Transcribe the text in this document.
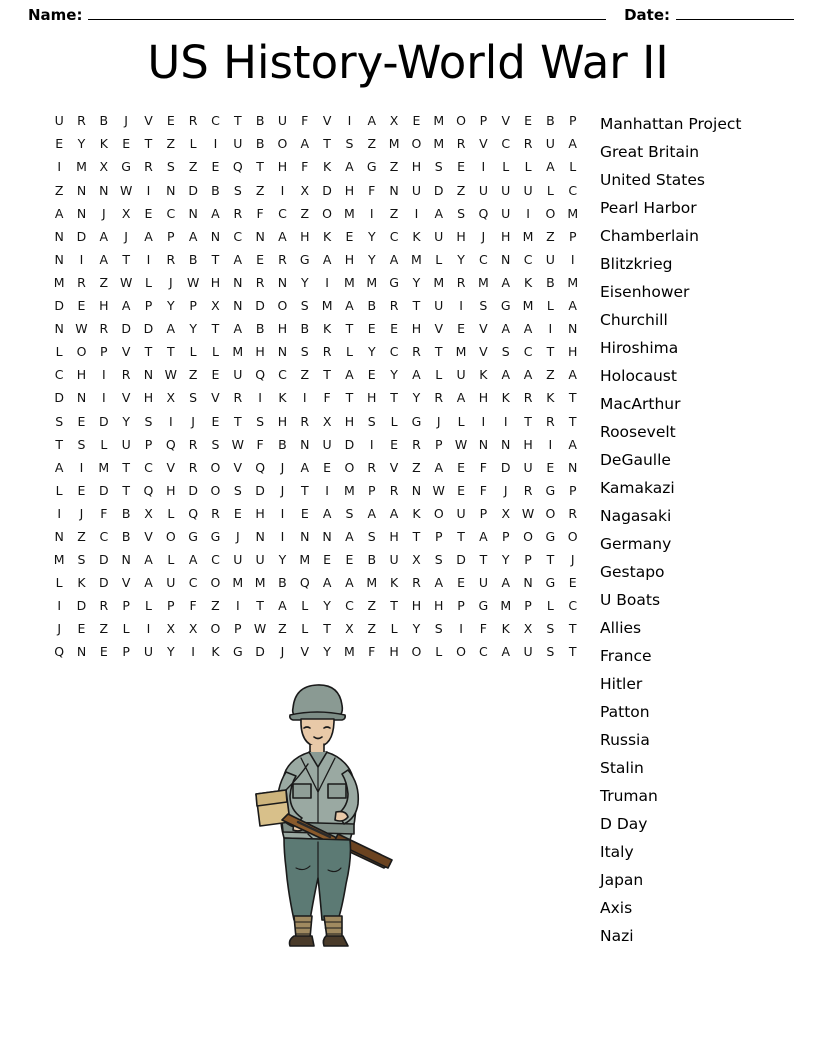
Name:	Date:
US History-World War II
U	R	B	J	V	E	R	C	T	B	U	F	V	I	A	X	E	M O	P	V	E	B	P
E	Y	K	E	T	Z	L	I	U	B	O	A	T	S	Z	M O M	R	V	C	R	U	A
I	M	X	G	R	S	Z	E	Q	T	H	F	K	A	G	Z	H	S	E	I	L	L	A	L
Z	N	N W	I	N	D	B	S	Z	I	X	D	H	F	N	U	D	Z	U	U	U	L	C
A	N	J	X	E	C	N	A	R	F	C	Z	O M	I	Z	I	A	S	Q	U	I	O M
N	D	A	J	A	P	A	N	C	N	A	H	K	E	Y	C	K	U	H	J	H M	Z	P
N	I	A	T	I	R	B	T	A	E	R	G	A	H	Y	A	M	L	Y	C	N	C	U	I
M	R	Z W	L	J	W H	N	R	N	Y	I	M M G	Y	M	R	M	A	K	B	M
D	E	H	A	P	Y	P	X	N	D	O	S	M	A	B	R	T	U	I	S	G M	L	A
N W R	D	D	A	Y	T	A	B	H	B	K	T	E	E	H	V	E	V	A	A	I	N
L	O	P	V	T	T	L	L	M H	N	S	R	L	Y	C	R	T	M	V	S	C	T	H
C	H	I	R	N W Z	E	U	Q	C	Z	T	A	E	Y	A	L	U	K	A	A	Z	A
D	N	I	V	H	X	S	V	R	I	K	I	F	T	H	T	Y	R	A	H	K	R	K	T
S	E	D	Y	S	I	J	E	T	S	H	R	X	H	S	L	G	J	L	I	I	T	R	T
T	S	L	U	P	Q	R	S W	F	B	N	U	D	I	E	R	P W N	N	H	I	A
A	I	M	T	C	V	R	O	V	Q	J	A	E	O	R	V	Z	A	E	F	D	U	E	N
L	E	D	T	Q	H	D	O	S	D	J	T	I	M	P	R	N W E	F	J	R	G	P
I	J	F	B	X	L	Q	R	E	H	I	E	A	S	A	A	K	O	U	P	X W O	R
N	Z	C	B	V	O	G	G	J	N	I	N	N	A	S	H	T	P	T	A	P	O	G	O
M	S	D	N	A	L	A	C	U	U	Y	M	E	E	B	U	X	S	D	T	Y	P	T	J
L	K	D	V	A	U	C	O M M	B	Q	A	A	M	K	R	A	E	U	A	N	G	E
I	D	R	P	L	P	F	Z	I	T	A	L	Y	C	Z	T	H	H	P	G M	P	L	C
J	E	Z	L	I	X	X	O	P W Z	L	T	X	Z	L	Y	S	I	F	K	X	S	T
Q	N	E	P	U	Y	I	K	G	D	J	V	Y	M	F	H	O	L	O	C	A	U	S	T
Manhattan Project
Great Britain
United States
Pearl Harbor
Chamberlain
Blitzkrieg
Eisenhower
Churchill
Hiroshima
Holocaust
MacArthur
Roosevelt
DeGaulle
Kamakazi
Nagasaki
Germany
Gestapo
U Boats
Allies
France
Hitler
Patton
Russia
Stalin
Truman
D Day
Italy
Japan
Axis
Nazi
